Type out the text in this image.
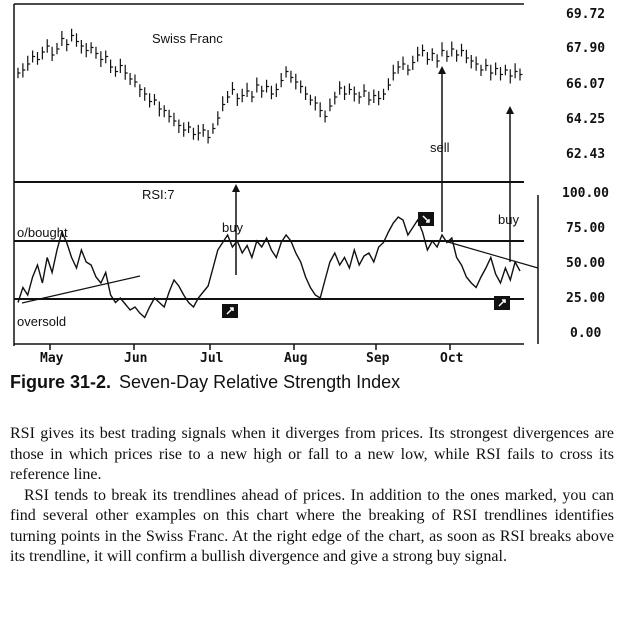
Swiss Franc
RSI:7
o/bought
oversold
69.72
67.90
66.07
64.25
62.43
100.00
75.00
50.00
25.00
0.00
May	Jun	Jul	Aug	Sep	Oct
buy
sell
buy
Figure 31-2. Seven-Day Relative Strength Index

RSI gives its best trading signals when it diverges from prices. Its strongest divergences are those in which prices rise to a new high or fall to a new low, while RSI fails to cross its reference line.

RSI tends to break its trendlines ahead of prices. In addition to the ones marked, you can find several other examples on this chart where the breaking of RSI trendlines identifies turning points in the Swiss Franc. At the right edge of the chart, as soon as RSI breaks above its trendline, it will confirm a bullish divergence and give a strong buy signal.
